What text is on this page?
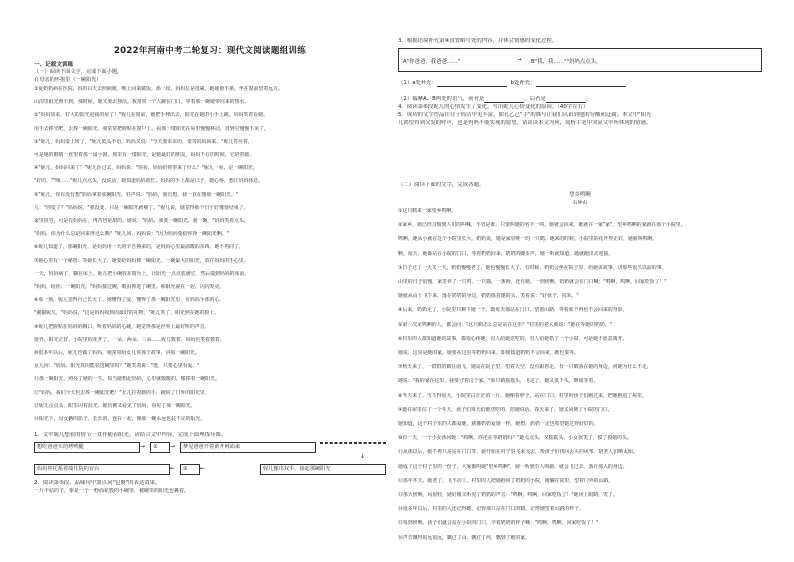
2022年河南中考二轮复习：现代文阅读题组训练
一、记叙文训练
（一）阅读下面文字，完成下面小题。
在母亲的怀抱里（一碗阳光）
①夏奶奶病在医院，妈妈白天去照顾她，晚上回来做饭。那一段，妈妈总是很累，她疲惫不堪，坐在窗前望着远方。
山沟里阳光照不到，那时候，她又要去挣活。我常常一个人蹲在门口，等着那一碗她带回来的热水。
②"妈妈快来，好大的阳光进我的屋了！"妮儿在窗前，她把手伸出去，阳光在她的小手上跳，妈妈笑着看她。
用手去捧光吧，去捧一碗阳光。我常常把脸贴在窗户上，看那一缕阳光在屋里慢慢移动，直到它慢慢不见了。
③"妮儿，妈妈要上班了。"妮儿低头不语，妈妈又说："今天要乖乖的，要等妈妈回来。"妮儿答应着，
可是她的眼睛一直望着那一扇小窗。那里有一缕阳光，是她最好的朋友，妈妈不在的时候，它陪着她。
④"妮儿，妈妈回来了！"妮儿扑过去，妈妈说："你看，妈妈给你带来了什么？"妮儿一看，是一碗阳光。
"好的。""咦……"妮儿点点头，没说话，她知道妈妈很忙，妈妈的手上都是口子，她心疼，想让妈妈休息。
⑤"妮儿，你有没有想"妈妈拿着那碗阳光，轻声说："妈妈，我有想，我一直在想那一碗阳光。"
儿："你变了？"妈妈说，"我没变，只是一碗阳光就够了。"妮儿说，她觉得那个日子好像要结束了，
家里很穷，可是有妈妈在，再苦也是甜的。她说："妈妈，我要一碗阳光，就一碗。"妈妈笑着点头。
"妈妈，你为什么总是回来得这么晚？"妮儿问，妈妈说："因为妈妈要给你挣一碗阳光啊。"
⑥妮儿知道了，那碗阳光，是妈妈用一天的辛苦换来的，是妈妈心里最温暖的东西。她不再问了，
⑦她心里有一个秘密：等她长大了，她要给妈妈捧一碗阳光，一碗最大的阳光，放在妈妈的手心里。
一天，妈妈病了，躺在床上。妮儿把小碗放在窗台上，让阳光一点点装满它，然后端到妈妈的床前。
"妈妈，给你，一碗阳光。"妈妈接过碗，眼泪掉进了碗里，和阳光混在一起，闪闪发亮。
⑧那一刻，妮儿觉得自己长大了。她懂得了爱，懂得了那一碗阳光里，有妈妈全部的心。
"谢谢妮儿，"妈妈说，"这是妈妈收到的最好的礼物。"妮儿笑了，阳光照在她的脸上。
⑨妮儿把脸贴在妈妈的胸口，听着妈妈的心跳，她觉得那是世界上最好听的声音。
窗外，阳光正好。小院里的花开了，一朵，两朵，三朵……妮儿数着，妈妈也笑着数着。
⑩很多年以后，妮儿也做了妈妈。她常常给女儿讲那个故事，讲那一碗阳光。
女儿问："妈妈，阳光真的能装进碗里吗？"她笑着说："能，只要心里有爱。"
⑪那一碗阳光，照亮了她的一生。每当她想起妈妈，心里就暖暖的，像捧着一碗阳光。
⑫"妈妈，我们今天也去捧一碗阳光吧！"女儿拉着她的手，跑向了门外的阳光里。
⑬妮儿点点头，眼里闪着泪光，她仿佛又看见了妈妈，看见了那一碗阳光。
⑭阳光下，母女俩的影子，长长的，连在一起，像那一碗永远也装不完的阳光。
1．文中妮儿想看的情节一直伴随着阳光，请结合文中内容，完成下面理线导图。
想吃爸爸买的烤鸭腿	→	①	→	梦见爸爸开着黄开网面来
↓
妈妈拜托系着端住院的盲台	←	②	←	妮儿像出双手，接起那碗阳光
2．阅读第⑤段，品味句中加点词"包裹"的表达效果。
一片丰姑的子，象是一个一秒面花般的小碗里，被碗里的阳光包裹着。
3．根据语境补充第④段省略号处的内容，并体会情感的变化过程。
A"你爸爸，我爸爸……"	→ B"我，我……""妈妈点点头。
（1）a处补充：	b处补充：
（2）揣摩A、B两处的语气，前者是	，后者是	。
4．阅读第⑥段妮儿的心情发生了变化，写出妮儿心情变化的原因。（40字左右）
5．成功的文字作品往往于简洁中见丰富，如孔乙己"手"的描写让我们认识到他的穷酸和迂腐；本文中"阳光
儿渴望得到父爱的呼声，也是妈妈不能实现的愿望。请谈谈本文为何，简析手笔中突显文中所体现的情感。
（二）阅读下面的文字，完成各题。
望乡鸣啊
石钟山
①这只鹤来一家望乡鸣啊。
②家乡，她已经习惯到人们的叫喊，不管是谁，只要叫她的名字一叫，她就会回来，她就在一家"家"，望乡鸣啊的家就在那个小院里。
鸣啊，她从小就在这个小院里长大，奶奶说，她是家里唯一的一只鹤，她来的时候，小院里的花开得正好，她就叫鸣啊。
啊。每天，她都站在小院的门口，等着奶奶回来，奶奶的脚步声，她一听就知道，她就跑出去迎接。
③日子过了一天又一天，奶奶慢慢老了，她也慢慢长大了，有时候，奶奶会坐在院子里，给她讲故事，讲那些很久以前的事。
山里的日子很慢，家里养了一只鸡，一只猫，一条狗，还有她。一到傍晚，奶奶就会在门口喊："鸣啊，鸣啊，回家吃饭了！"
她就从山上飞下来，落在奶奶的身边，奶奶摸着她的头，笑着说："好孩子，真乖。"
④后来，奶奶走了，小院里只剩下她一个。她每天都站在门口，望着山路，等着那个再也不会回来的身影。
⑤第一次见鸣啊的人，都会问："这只鹤怎么总是站在这里？"村里的老人就说："她在等她的奶奶。"
⑥村里的人都知道她的故事，都很心疼她，有人给她送吃的，有人给她搭了一个小窝，可是她不愿意离开，
她说，这里是她的家，她要在这里等奶奶回来。即使知道奶奶不会回来，她也要等。
⑦秋天来了，一群群的鹤往南飞，她站在院子里，望着天空，没有跟着走。有一只鹤落在她的身边，问她为什么不走，
她说："我的家在这里，我要守着这个家。"那只鹤摇摇头，飞走了。她又低下头，继续等着。
⑧冬天来了，雪下得很大，小院里白茫茫的一片。她缩着脖子，站在门口，村里的孩子们跑过来，把她抱进了屋里。
⑨她在屋里住了一个冬天，孩子们每天给她送吃的，陪她说话。春天来了，她又回到了小院的门口。
她知道，这个村子里的人都爱她，就像奶奶爱她一样。她想，奶奶一定也希望她过得好好的。
⑩有一天，一个小女孩问她："鸣啊，你还在等奶奶吗？"她点点头，又摇摇头，小女孩笑了，摸了摸她的头。
⑪从那以后，她不再只是站在门口等，她开始在村子里飞来飞去，帮孩子们找回丢失的风筝，陪老人们晒太阳。
她成了这个村子里的一份子，大家都叫她"望乡鸣啊"，她一听到有人叫她，就会飞过去，落在那人的身边。
⑫那年冬天，她老了，飞不动了。村里的人把她抱回了奶奶的小院，她躺在窝里，望着门外的山路。
⑬那天傍晚，风很轻，她好像又听见了奶奶的声音："鸣啊，鸣啊，回家吃饭了！"她闭上眼睛，笑了。
⑭很多年以后，村里的人还记得她，记得那只站在门口的鹤，记得她望着山路的样子。
⑮每到傍晚，孩子们就会站在小院的门口，学着奶奶的样子喊："鸣啊，鸣啊，回家吃饭了！"
⑯声音飘得很远很远，飘过了山，飘过了河，飘到了她的家。
